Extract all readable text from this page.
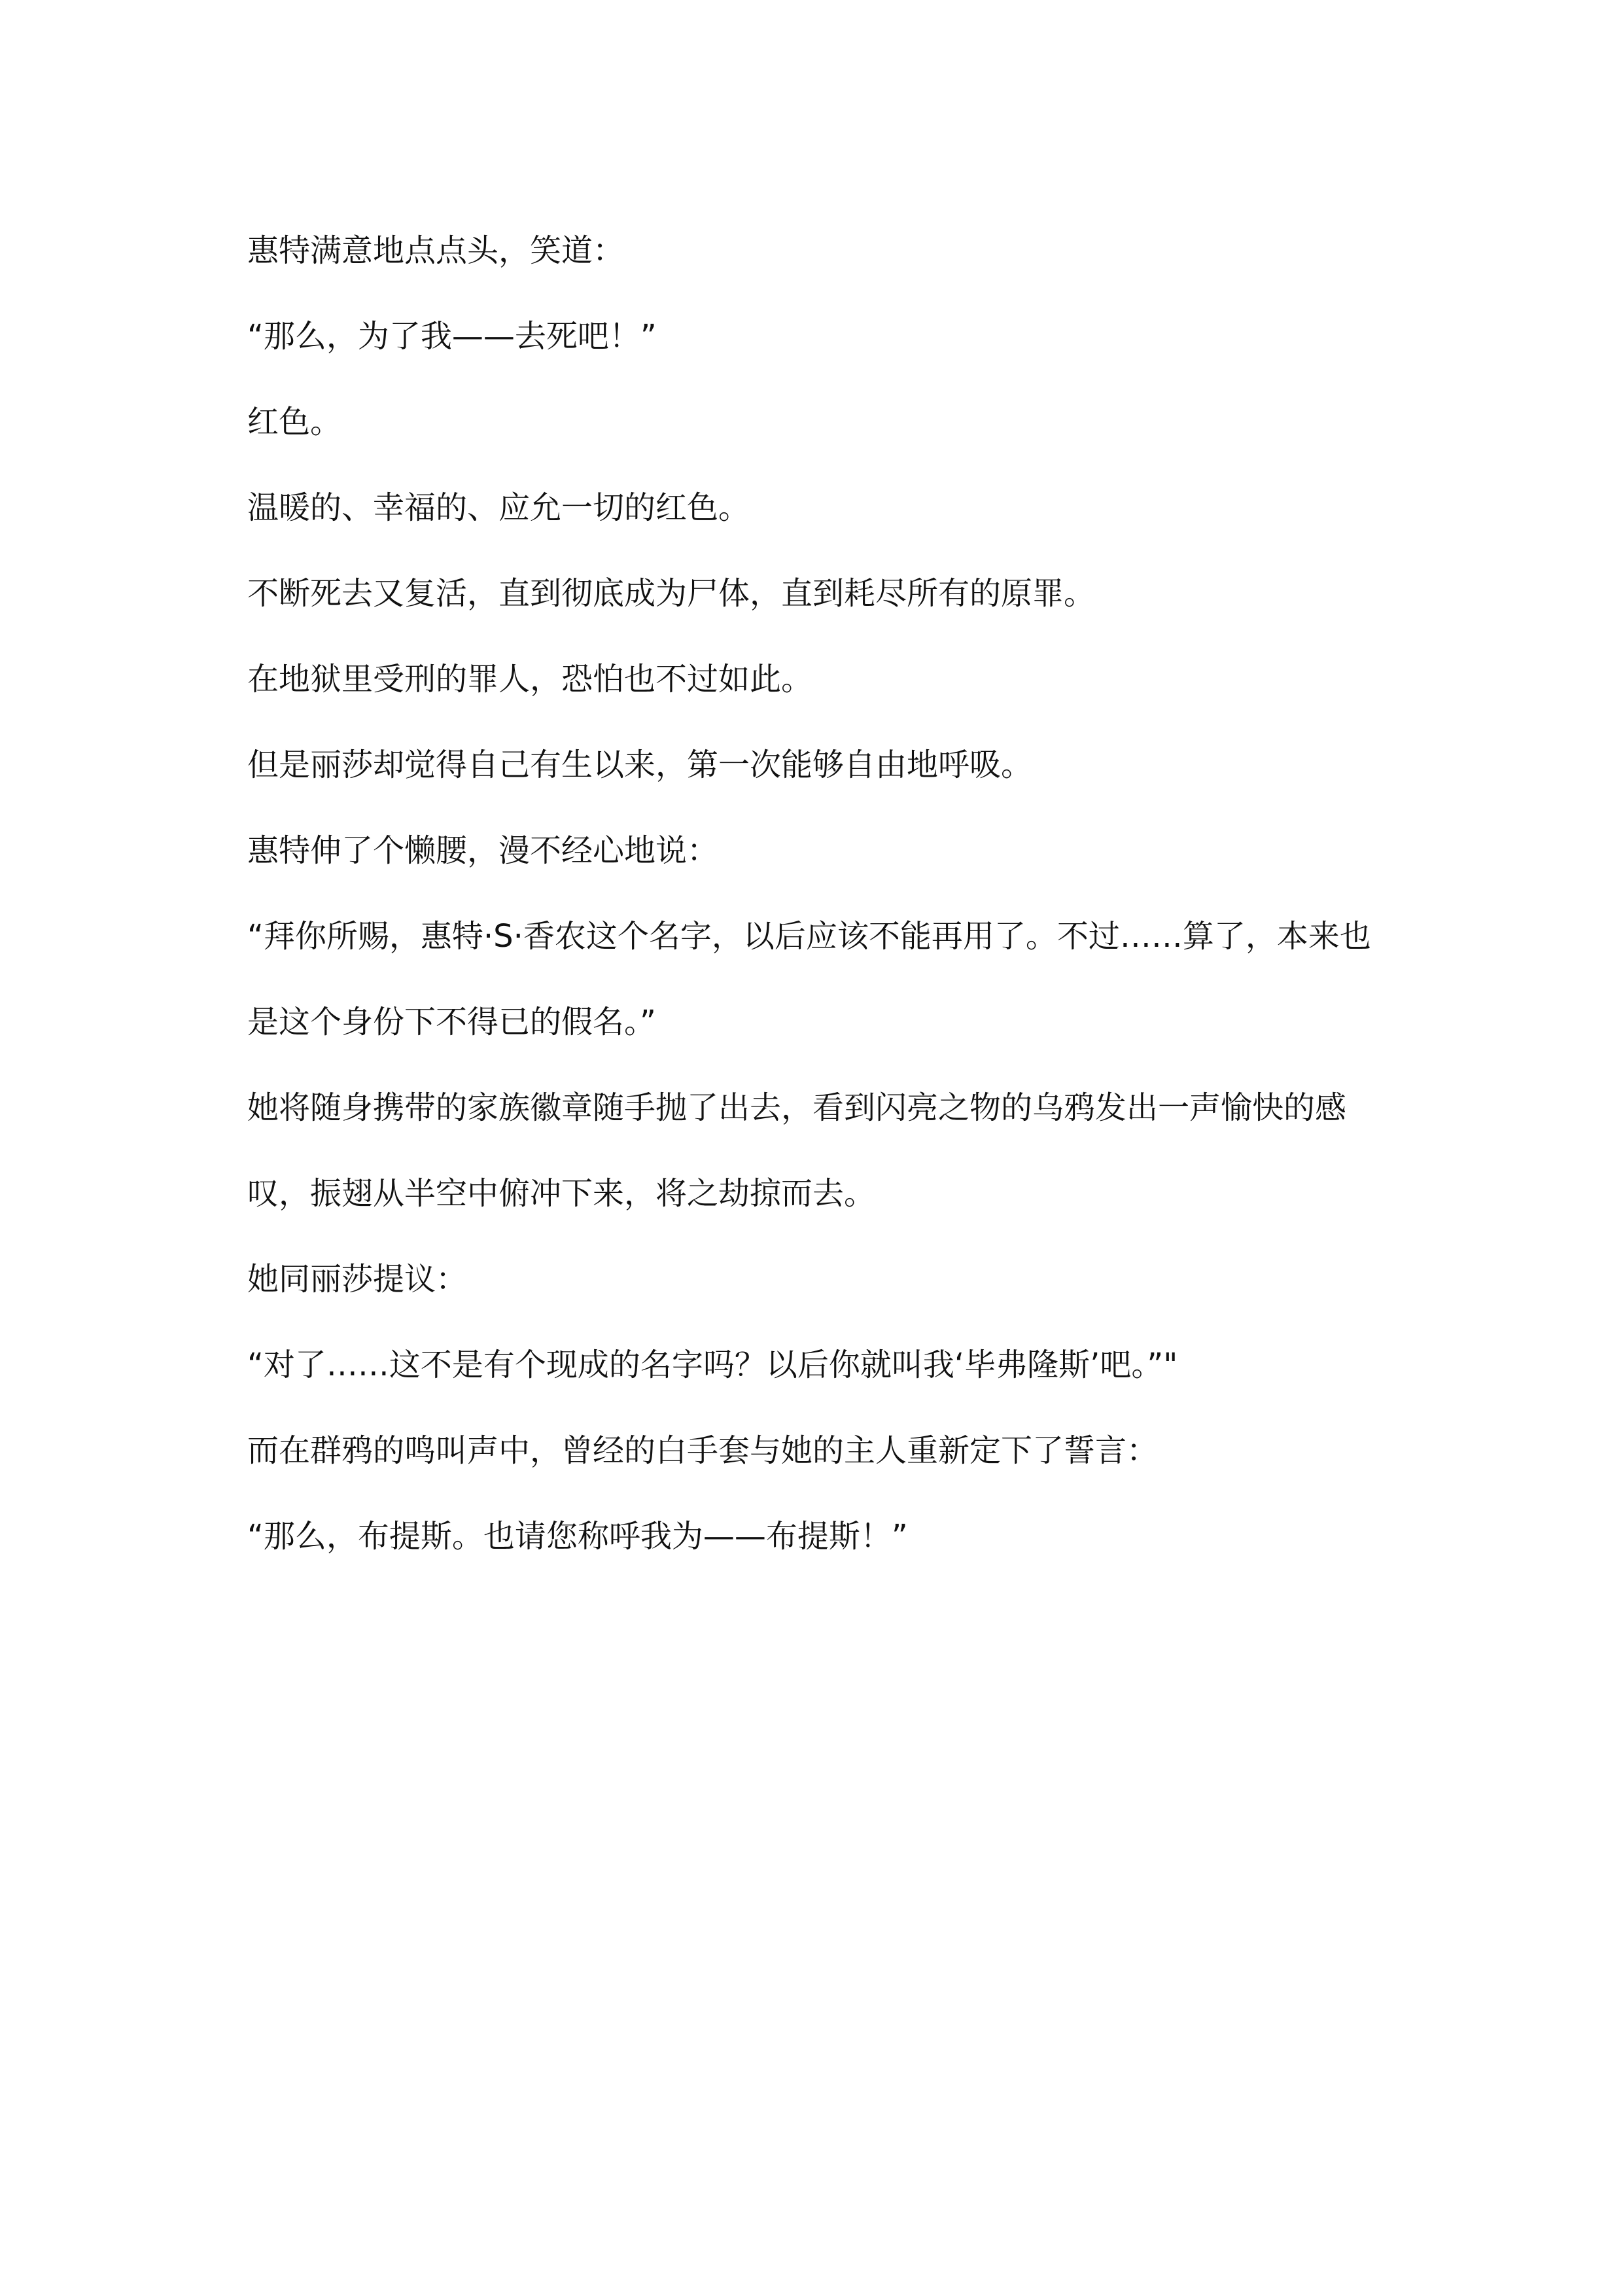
惠特满意地点点头，笑道：

“那么，为了我——去死吧！”

红色。

温暖的、幸福的、应允一切的红色。

不断死去又复活，直到彻底成为尸体，直到耗尽所有的原罪。

在地狱里受刑的罪人，恐怕也不过如此。

但是丽莎却觉得自己有生以来，第一次能够自由地呼吸。

惠特伸了个懒腰，漫不经心地说：

“拜你所赐，惠特·S·香农这个名字，以后应该不能再用了。不过……算了，本来也是这个身份下不得已的假名。”

她将随身携带的家族徽章随手抛了出去，看到闪亮之物的乌鸦发出一声愉快的感叹，振翅从半空中俯冲下来，将之劫掠而去。

她同丽莎提议：

“对了……这不是有个现成的名字吗？以后你就叫我‘毕弗隆斯’吧。”"

而在群鸦的鸣叫声中，曾经的白手套与她的主人重新定下了誓言：

“那么，布提斯。也请您称呼我为——布提斯！”
